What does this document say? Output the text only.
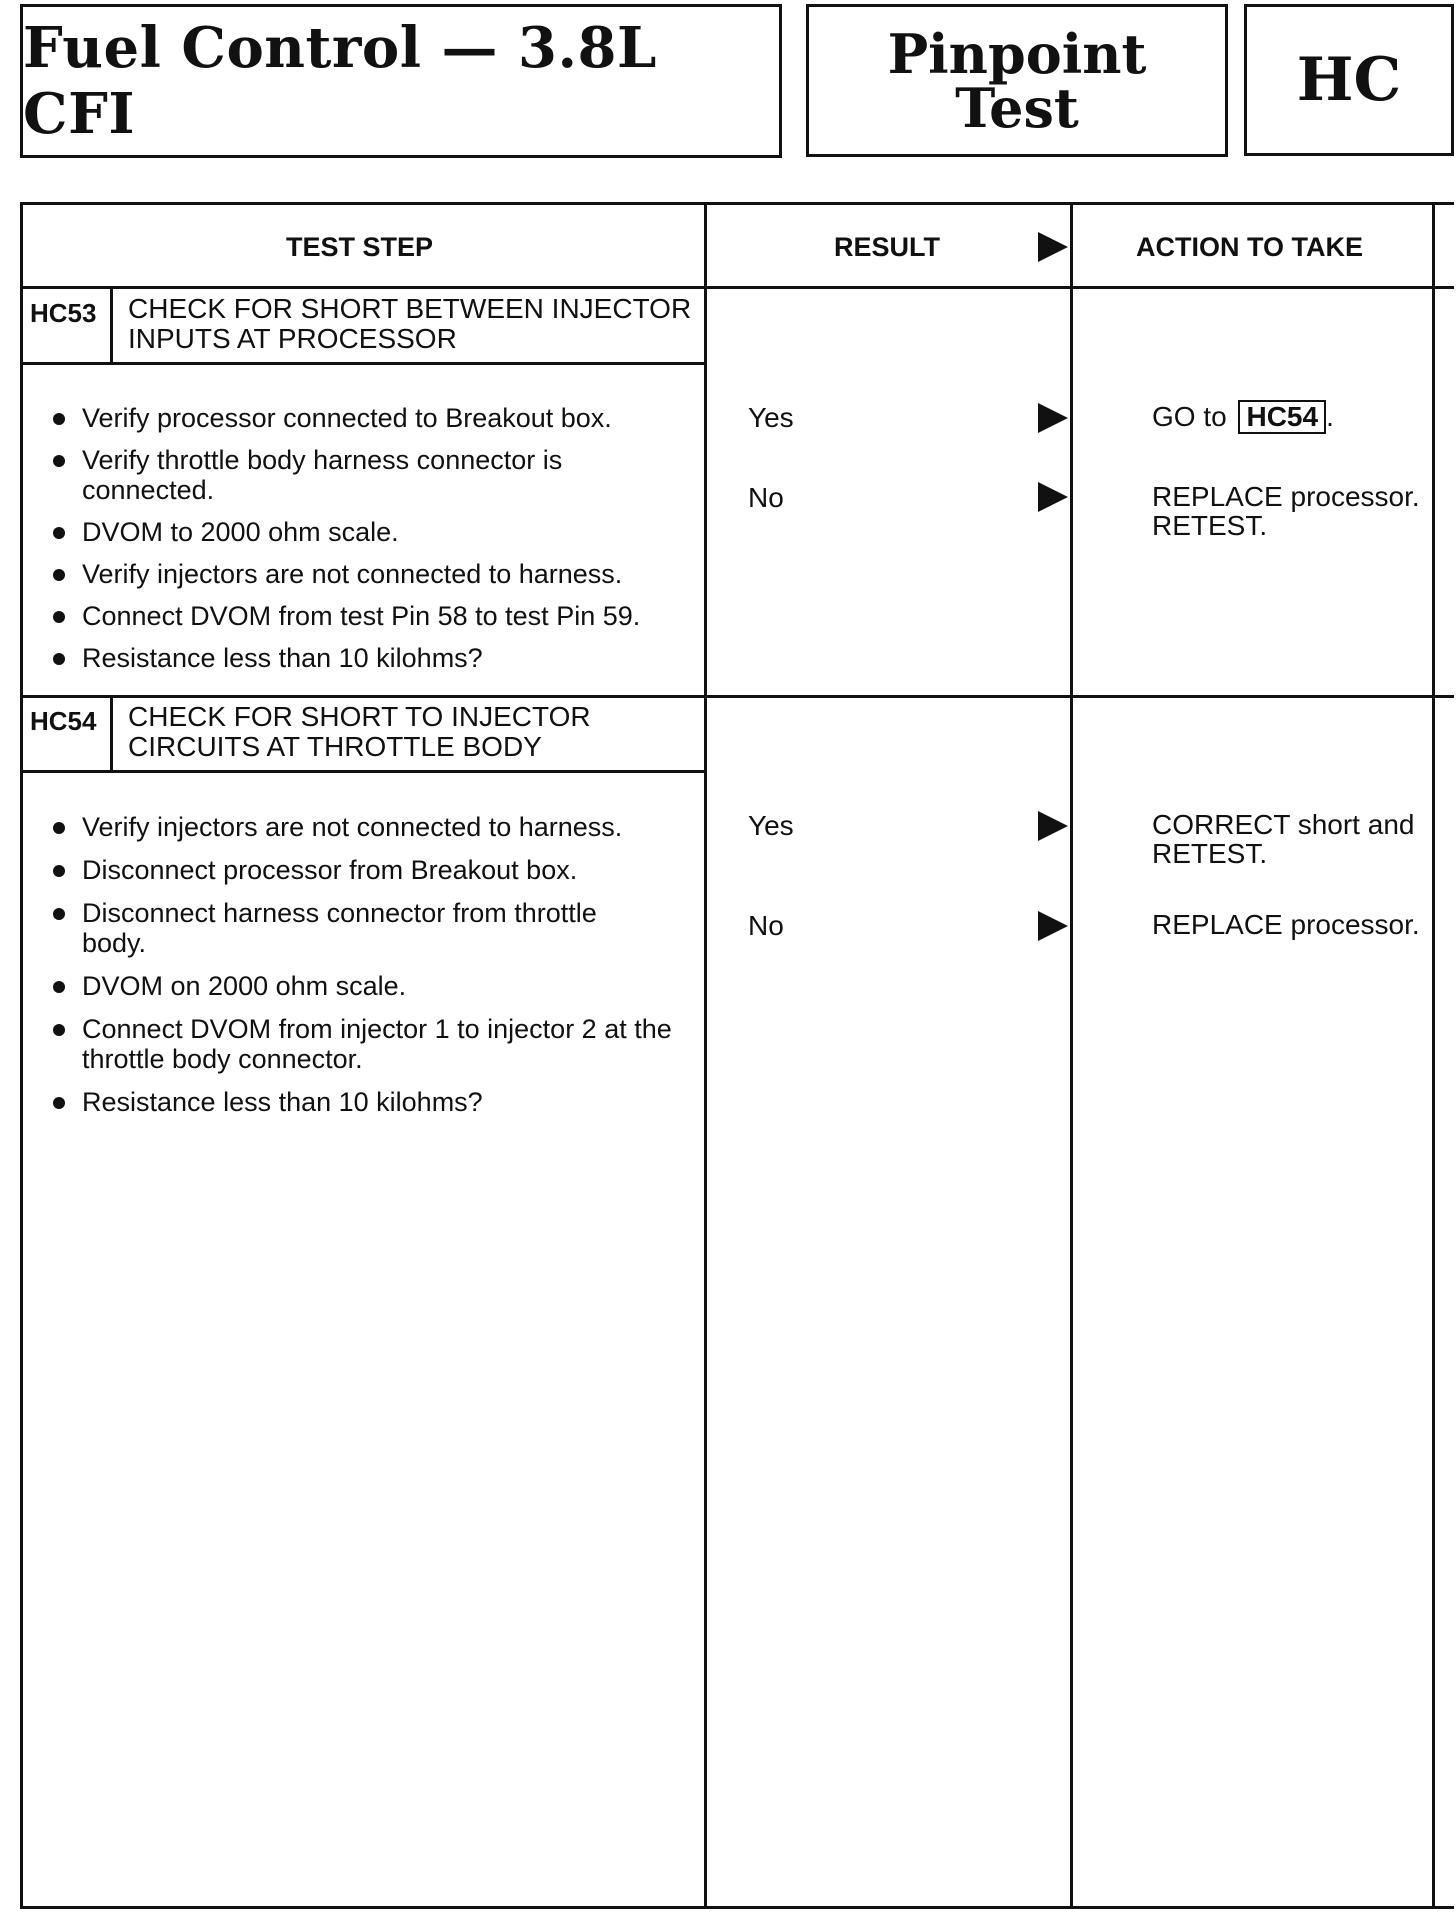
Fuel Control — 3.8L CFI
Pinpoint
Test	HC
TEST STEP	RESULT	ACTION TO TAKE
HC53 CHECK FOR SHORT BETWEEN INJECTOR INPUTS AT PROCESSOR
Verify processor connected to Breakout box.
Verify throttle body harness connector is connected.
DVOM to 2000 ohm scale.
Verify injectors are not connected to harness.
Connect DVOM from test Pin 58 to test Pin 59.
Resistance less than 10 kilohms?
Yes	GO to HC54 .
No	REPLACE processor. RETEST.
HC54 CHECK FOR SHORT TO INJECTOR CIRCUITS AT THROTTLE BODY
Verify injectors are not connected to harness.
Disconnect processor from Breakout box.
Disconnect harness connector from throttle body.
DVOM on 2000 ohm scale.
Connect DVOM from injector 1 to injector 2 at the throttle body connector.
Resistance less than 10 kilohms?
Yes	CORRECT short and RETEST.
No	REPLACE processor.
